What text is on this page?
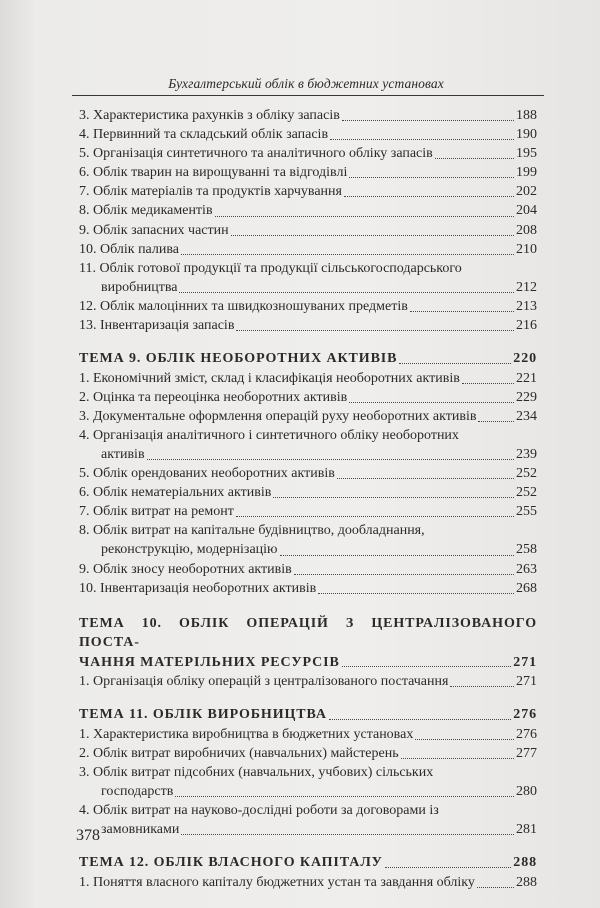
Бухгалтерський облік в бюджетних установах
3. Характеристика рахунків з обліку запасів	188
4. Первинний та складський облік запасів	190
5. Організація синтетичного та аналітичного обліку запасів	195
6. Облік тварин на вирощуванні та відгодівлі	199
7. Облік матеріалів та продуктів харчування	202
8. Облік медикаментів	204
9. Облік запасних частин	208
10. Облік палива	210
11. Облік готової продукції та продукції сільськогосподарського
виробництва	212
12. Облік малоцінних та швидкозношуваних предметів	213
13. Інвентаризація запасів	216
ТЕМА 9. ОБЛІК НЕОБОРОТНИХ АКТИВІВ	220
1. Економічний зміст, склад і класифікація необоротних активів	221
2. Оцінка та переоцінка необоротних активів	229
3. Документальне оформлення операцій руху необоротних активів	234
4. Організація аналітичного і синтетичного обліку необоротних
активів	239
5. Облік орендованих необоротних активів	252
6. Облік нематеріальних активів	252
7. Облік витрат на ремонт	255
8. Облік витрат на капітальне будівництво, дообладнання,
реконструкцію, модернізацію	258
9. Облік зносу необоротних активів	263
10. Інвентаризація необоротних активів	268
ТЕМА 10. ОБЛІК ОПЕРАЦІЙ З ЦЕНТРАЛІЗОВАНОГО ПОСТА-
ЧАННЯ МАТЕРІЛЬНИХ РЕСУРСІВ	271
1. Організація обліку операцій з централізованого постачання	271
ТЕМА 11. ОБЛІК ВИРОБНИЦТВА	276
1. Характеристика виробництва в бюджетних установах	276
2. Облік витрат виробничих (навчальних) майстерень	277
3. Облік витрат підсобних (навчальних, учбових) сільських
господарств	280
4. Облік витрат на науково-дослідні роботи за договорами із
замовниками	281
ТЕМА 12. ОБЛІК ВЛАСНОГО КАПІТАЛУ	288
1. Поняття власного капіталу бюджетних устан та завдання обліку	288
378
